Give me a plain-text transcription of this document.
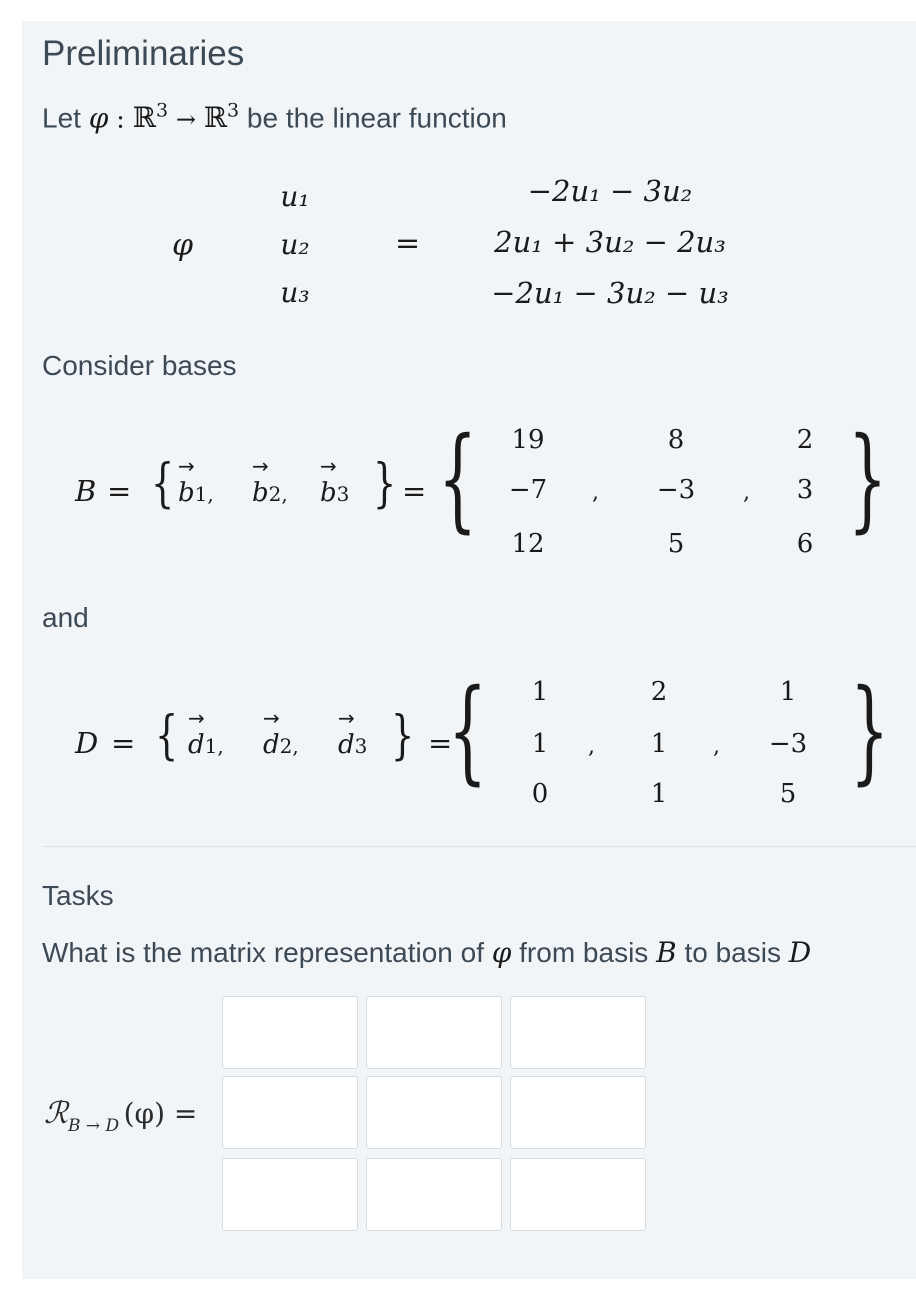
Preliminaries
Let φ : ℝ$^3$ → ℝ$^3$ be the linear function
φ
u₁
u₂
u₃
=
−2u₁ − 3u₂
2u₁ + 3u₂ − 2u₃
−2u₁ − 3u₂ − u₃
Consider bases
B = { →
b1,
→
b2,
→
b3 } = {	19
−7
12
,
8
−3
5
,
2
3
6 }
and
D = { →
d1,
→
d2,
→
d3 } =
{	1
1
0
,
2
1
1
,
1
−3
5 }
Tasks
What is the matrix representation of φ from basis B to basis D
ℛB → D (φ) =
